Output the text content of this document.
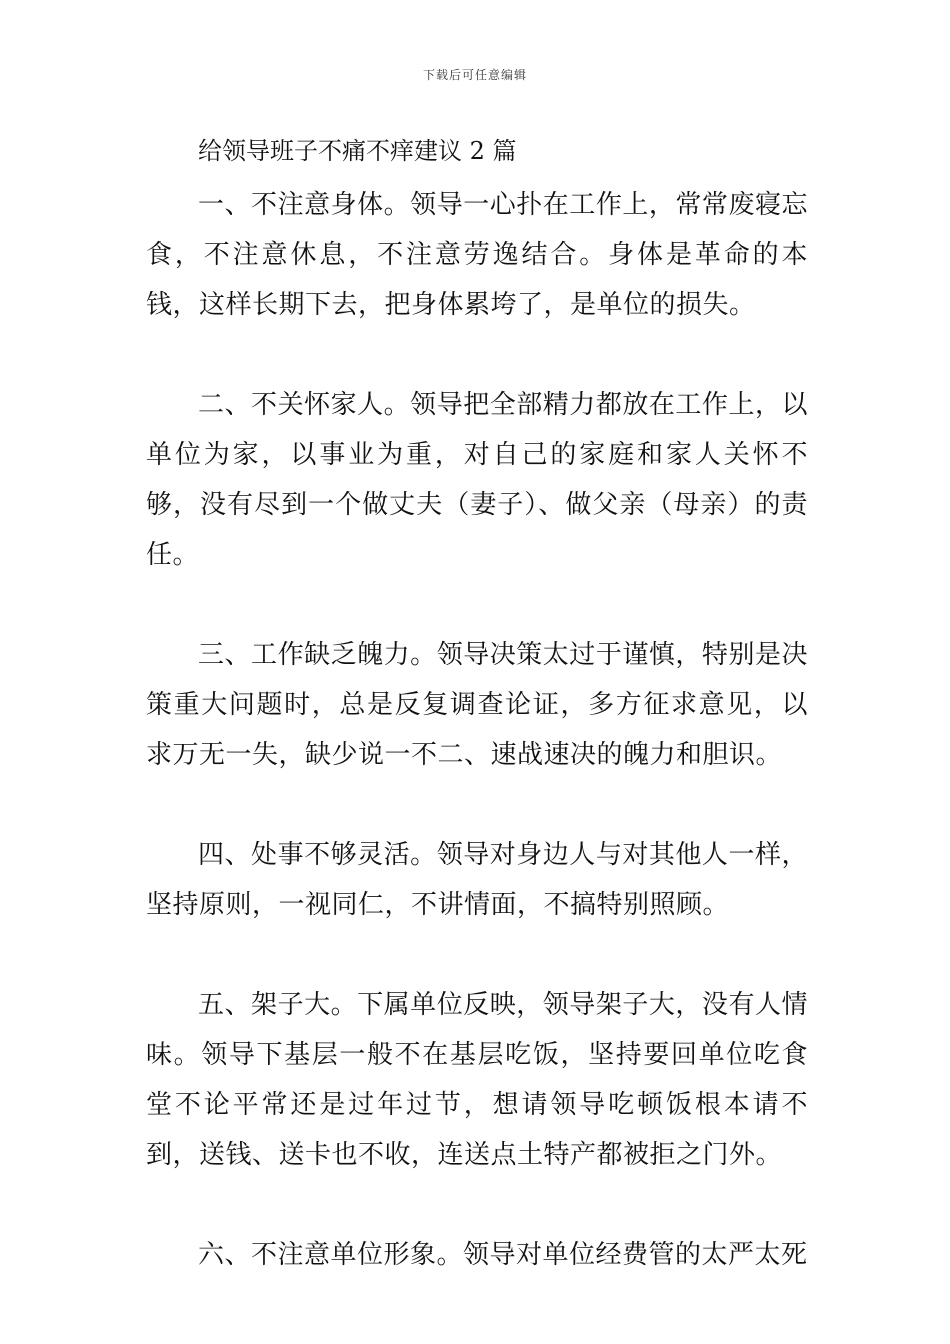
下载后可任意编辑
给领导班子不痛不痒建议 2 篇

一、不注意身体。领导一心扑在工作上，常常废寝忘食，不注意休息，不注意劳逸结合。身体是革命的本钱，这样长期下去，把身体累垮了，是单位的损失。

二、不关怀家人。领导把全部精力都放在工作上，以单位为家，以事业为重，对自己的家庭和家人关怀不够，没有尽到一个做丈夫（妻子）、做父亲（母亲）的责任。

三、工作缺乏魄力。领导决策太过于谨慎，特别是决策重大问题时，总是反复调查论证，多方征求意见，以求万无一失，缺少说一不二、速战速决的魄力和胆识。

四、处事不够灵活。领导对身边人与对其他人一样，坚持原则，一视同仁，不讲情面，不搞特别照顾。

五、架子大。下属单位反映，领导架子大，没有人情味。领导下基层一般不在基层吃饭，坚持要回单位吃食堂不论平常还是过年过节，想请领导吃顿饭根本请不到，送钱、送卡也不收，连送点土特产都被拒之门外。

六、不注意单位形象。领导对单位经费管的太严太死
